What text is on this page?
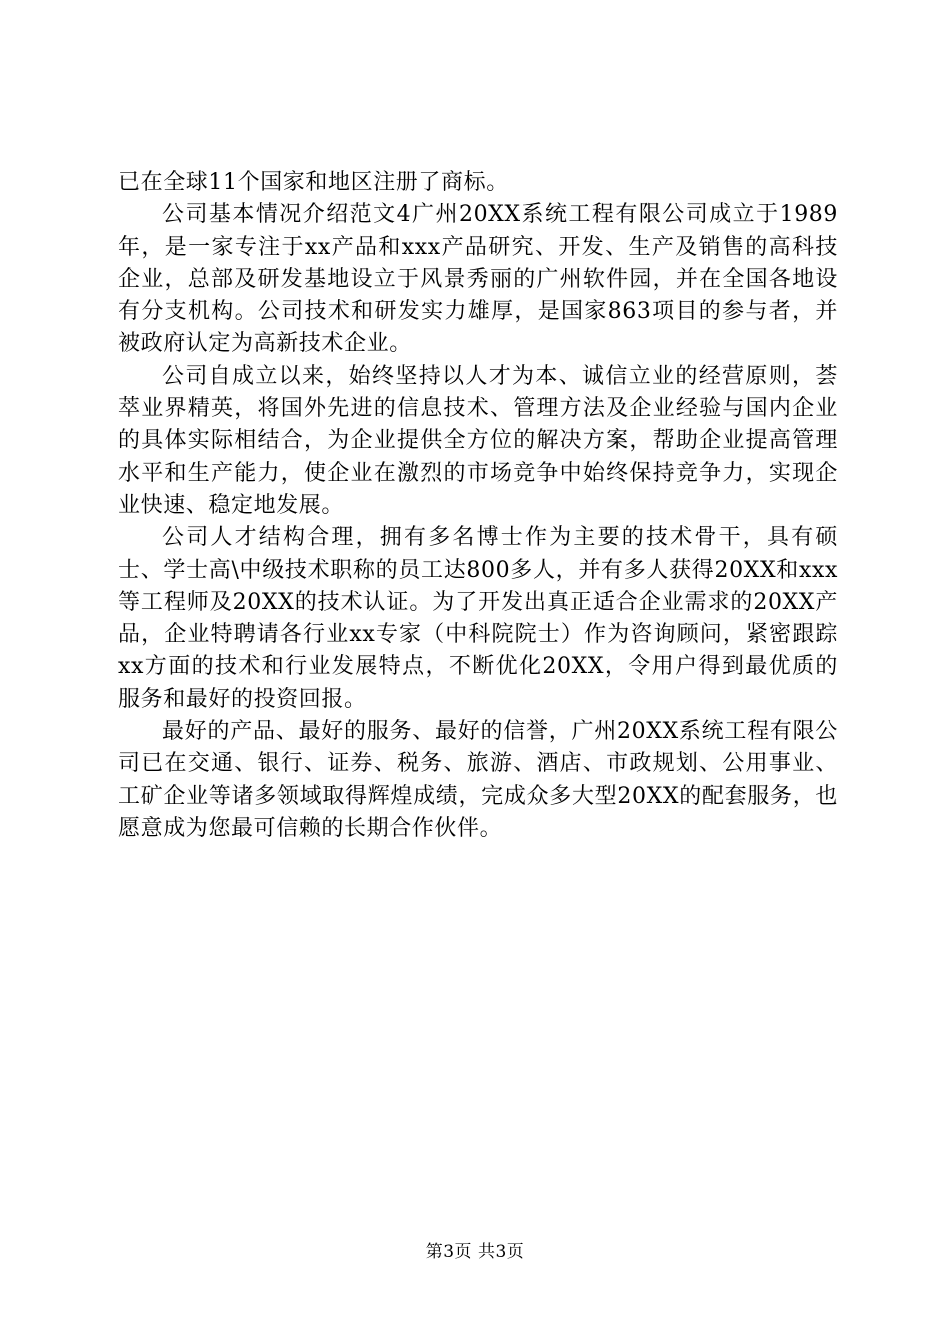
已在全球11个国家和地区注册了商标。

公司基本情况介绍范文4广州20XX系统工程有限公司成立于1989年，是一家专注于xx产品和xxx产品研究、开发、生产及销售的高科技企业，总部及研发基地设立于风景秀丽的广州软件园，并在全国各地设有分支机构。公司技术和研发实力雄厚，是国家863项目的参与者，并被政府认定为高新技术企业。

公司自成立以来，始终坚持以人才为本、诚信立业的经营原则，荟萃业界精英，将国外先进的信息技术、管理方法及企业经验与国内企业的具体实际相结合，为企业提供全方位的解决方案，帮助企业提高管理水平和生产能力，使企业在激烈的市场竞争中始终保持竞争力，实现企业快速、稳定地发展。

公司人才结构合理，拥有多名博士作为主要的技术骨干，具有硕士、学士高\中级技术职称的员工达800多人，并有多人获得20XX和xxx等工程师及20XX的技术认证。为了开发出真正适合企业需求的20XX产品，企业特聘请各行业xx专家（中科院院士）作为咨询顾问，紧密跟踪xx方面的技术和行业发展特点，不断优化20XX，令用户得到最优质的服务和最好的投资回报。

最好的产品、最好的服务、最好的信誉，广州20XX系统工程有限公司已在交通、银行、证券、税务、旅游、酒店、市政规划、公用事业、工矿企业等诸多领域取得辉煌成绩，完成众多大型20XX的配套服务，也愿意成为您最可信赖的长期合作伙伴。

第3页 共3页
